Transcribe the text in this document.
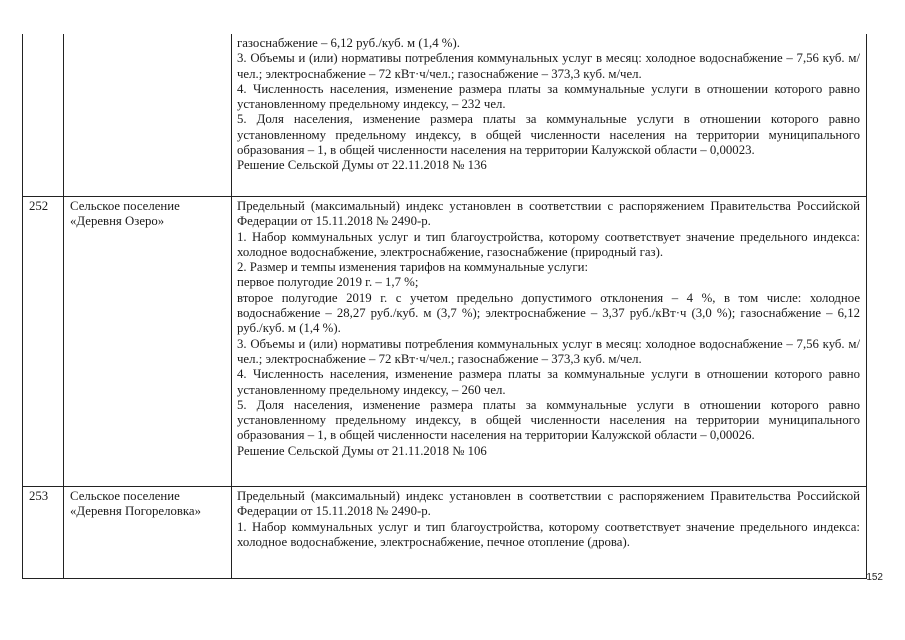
газоснабжение – 6,12 руб./куб. м (1,4 %).
3. Объемы и (или) нормативы потребления коммунальных услуг в месяц: холодное водоснабжение – 7,56 куб. м/чел.; электроснабжение – 72 кВт·ч/чел.; газоснабжение – 373,3 куб. м/чел.
4. Численность населения, изменение размера платы за коммунальные услуги в отношении которого равно установленному предельному индексу, – 232 чел.
5. Доля населения, изменение размера платы за коммунальные услуги в отношении которого равно установленному предельному индексу, в общей численности населения на территории муниципального образования – 1, в общей численности населения на территории Калужской области – 0,00023.
Решение Сельской Думы от 22.11.2018 № 136
252 Сельское поселение
«Деревня Озеро»
Предельный (максимальный) индекс установлен в соответствии с распоряжением Правительства Российской Федерации от 15.11.2018 № 2490-р.
1. Набор коммунальных услуг и тип благоустройства, которому соответствует значение предельного индекса: холодное водоснабжение, электроснабжение, газоснабжение (природный газ).
2. Размер и темпы изменения тарифов на коммунальные услуги:
первое полугодие 2019 г. – 1,7 %;
второе полугодие 2019 г. с учетом предельно допустимого отклонения – 4 %, в том числе: холодное водоснабжение – 28,27 руб./куб. м (3,7 %); электроснабжение – 3,37 руб./кВт·ч (3,0 %); газоснабжение – 6,12 руб./куб. м (1,4 %).
3. Объемы и (или) нормативы потребления коммунальных услуг в месяц: холодное водоснабжение – 7,56 куб. м/чел.; электроснабжение – 72 кВт·ч/чел.; газоснабжение – 373,3 куб. м/чел.
4. Численность населения, изменение размера платы за коммунальные услуги в отношении которого равно установленному предельному индексу, – 260 чел.
5. Доля населения, изменение размера платы за коммунальные услуги в отношении которого равно установленному предельному индексу, в общей численности населения на территории муниципального образования – 1, в общей численности населения на территории Калужской области – 0,00026.
Решение Сельской Думы от 21.11.2018 № 106
253 Сельское поселение
«Деревня Погореловка»
Предельный (максимальный) индекс установлен в соответствии с распоряжением Правительства Российской Федерации от 15.11.2018 № 2490-р.
1. Набор коммунальных услуг и тип благоустройства, которому соответствует значение предельного индекса: холодное водоснабжение, электроснабжение, печное отопление (дрова).
152
